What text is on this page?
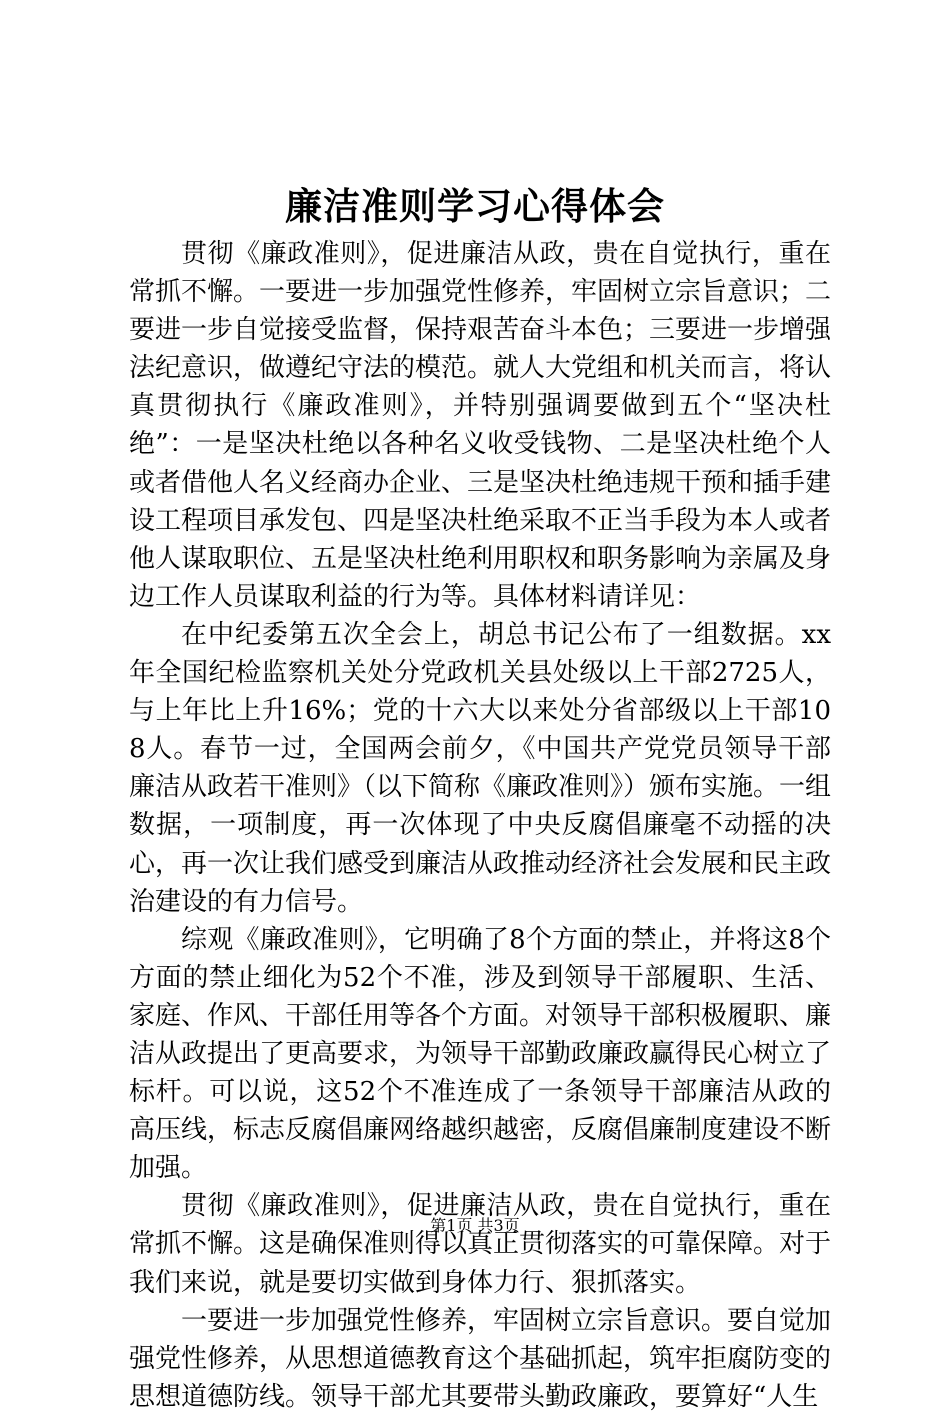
廉洁准则学习心得体会

贯彻《廉政准则》，促进廉洁从政，贵在自觉执行，重在常抓不懈。一要进一步加强党性修养，牢固树立宗旨意识；二要进一步自觉接受监督，保持艰苦奋斗本色；三要进一步增强法纪意识，做遵纪守法的模范。就人大党组和机关而言，将认真贯彻执行《廉政准则》，并特别强调要做到五个“坚决杜绝”：一是坚决杜绝以各种名义收受钱物、二是坚决杜绝个人或者借他人名义经商办企业、三是坚决杜绝违规干预和插手建设工程项目承发包、四是坚决杜绝采取不正当手段为本人或者他人谋取职位、五是坚决杜绝利用职权和职务影响为亲属及身边工作人员谋取利益的行为等。具体材料请详见：

在中纪委第五次全会上，胡总书记公布了一组数据。xx年全国纪检监察机关处分党政机关县处级以上干部2725人，与上年比上升16%；党的十六大以来处分省部级以上干部108人。春节一过，全国两会前夕，《中国共产党党员领导干部廉洁从政若干准则》（以下简称《廉政准则》）颁布实施。一组数据，一项制度，再一次体现了中央反腐倡廉毫不动摇的决心，再一次让我们感受到廉洁从政推动经济社会发展和民主政治建设的有力信号。

综观《廉政准则》，它明确了8个方面的禁止，并将这8个方面的禁止细化为52个不准，涉及到领导干部履职、生活、家庭、作风、干部任用等各个方面。对领导干部积极履职、廉洁从政提出了更高要求，为领导干部勤政廉政赢得民心树立了标杆。可以说，这52个不准连成了一条领导干部廉洁从政的高压线，标志反腐倡廉网络越织越密，反腐倡廉制度建设不断加强。

贯彻《廉政准则》，促进廉洁从政，贵在自觉执行，重在常抓不懈。这是确保准则得以真正贯彻落实的可靠保障。对于我们来说，就是要切实做到身体力行、狠抓落实。

一要进一步加强党性修养，牢固树立宗旨意识。要自觉加强党性修养，从思想道德教育这个基础抓起，筑牢拒腐防变的思想道德防线。领导干部尤其要带头勤政廉政，要算好“人生

第1页 共3页
